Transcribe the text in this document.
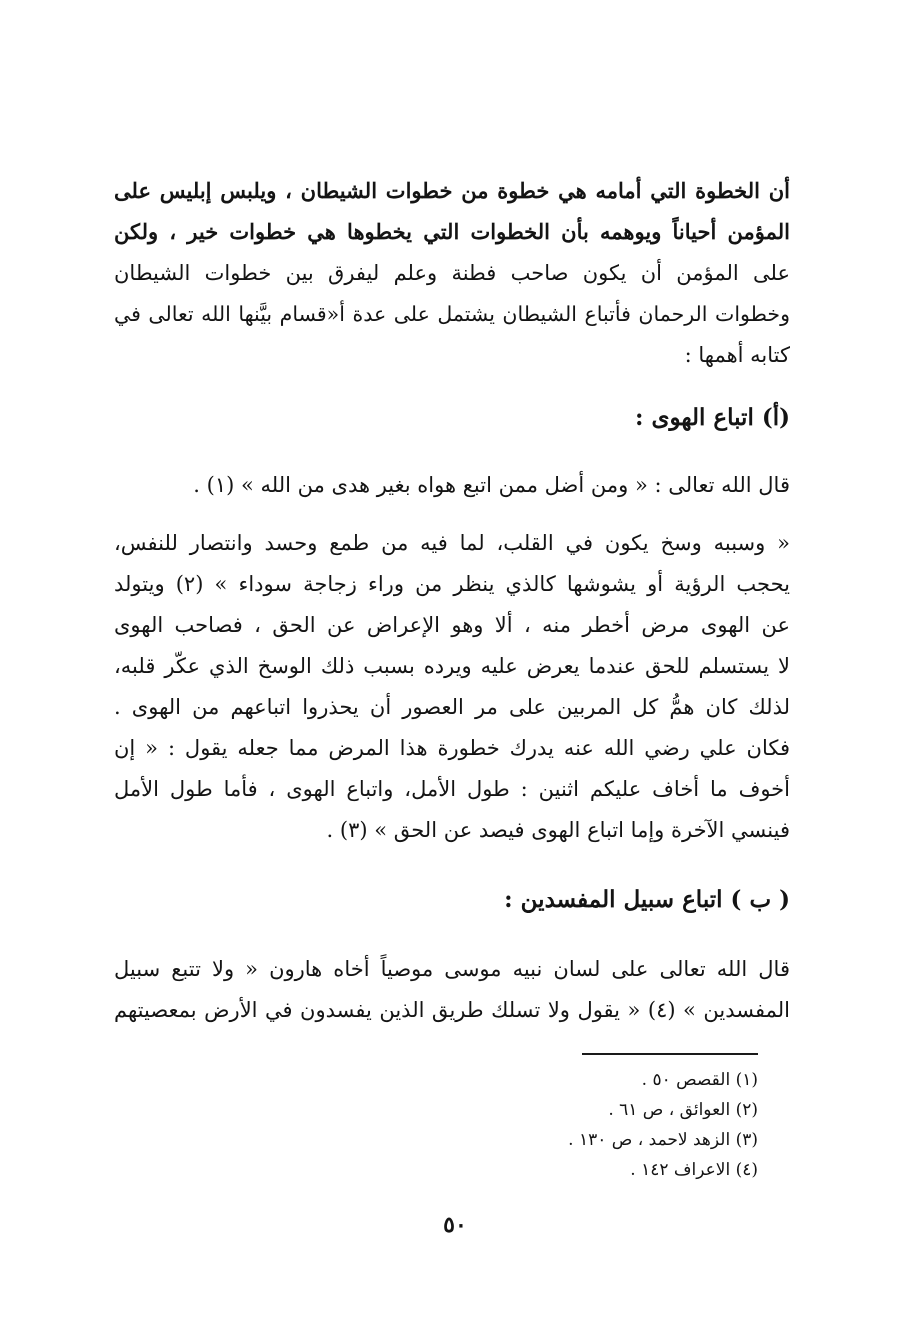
أن الخطوة التي أمامه هي خطوة من خطوات الشيطان ، ويلبس إبليس على
المؤمن أحياناً ويوهمه بأن الخطوات التي يخطوها هي خطوات خير ، ولكن
على المؤمن أن يكون صاحب فطنة وعلم ليفرق بين خطوات الشيطان
وخطوات الرحمان فأتباع الشيطان يشتمل على عدة أ«قسام بيَّنها الله تعالى في
كتابه أهمها :
(أ) اتباع الهوى :
قال الله تعالى : « ومن أضل ممن اتبع هواه بغير هدى من الله » (١) .
« وسببه وسخ يكون في القلب، لما فيه من طمع وحسد وانتصار للنفس،
يحجب الرؤية أو يشوشها كالذي ينظر من وراء زجاجة سوداء » (٢) ويتولد
عن الهوى مرض أخطر منه ، ألا وهو الإعراض عن الحق ، فصاحب الهوى
لا يستسلم للحق عندما يعرض عليه ويرده بسبب ذلك الوسخ الذي عكّر قلبه،
لذلك كان همُّ كل المربين على مر العصور أن يحذروا اتباعهم من الهوى .
فكان علي رضي الله عنه يدرك خطورة هذا المرض مما جعله يقول : « إن
أخوف ما أخاف عليكم اثنين : طول الأمل، واتباع الهوى ، فأما طول الأمل
فينسي الآخرة وإما اتباع الهوى فيصد عن الحق » (٣) .
( ب ) اتباع سبيل المفسدين :
قال الله تعالى على لسان نبيه موسى موصياً أخاه هارون « ولا تتبع سبيل
المفسدين » (٤) « يقول ولا تسلك طريق الذين يفسدون في الأرض بمعصيتهم
(١) القصص ٥٠ .
(٢) العوائق ، ص ٦١ .
(٣) الزهد لاحمد ، ص ١٣٠ .
(٤) الاعراف ١٤٢ .
٥٠
